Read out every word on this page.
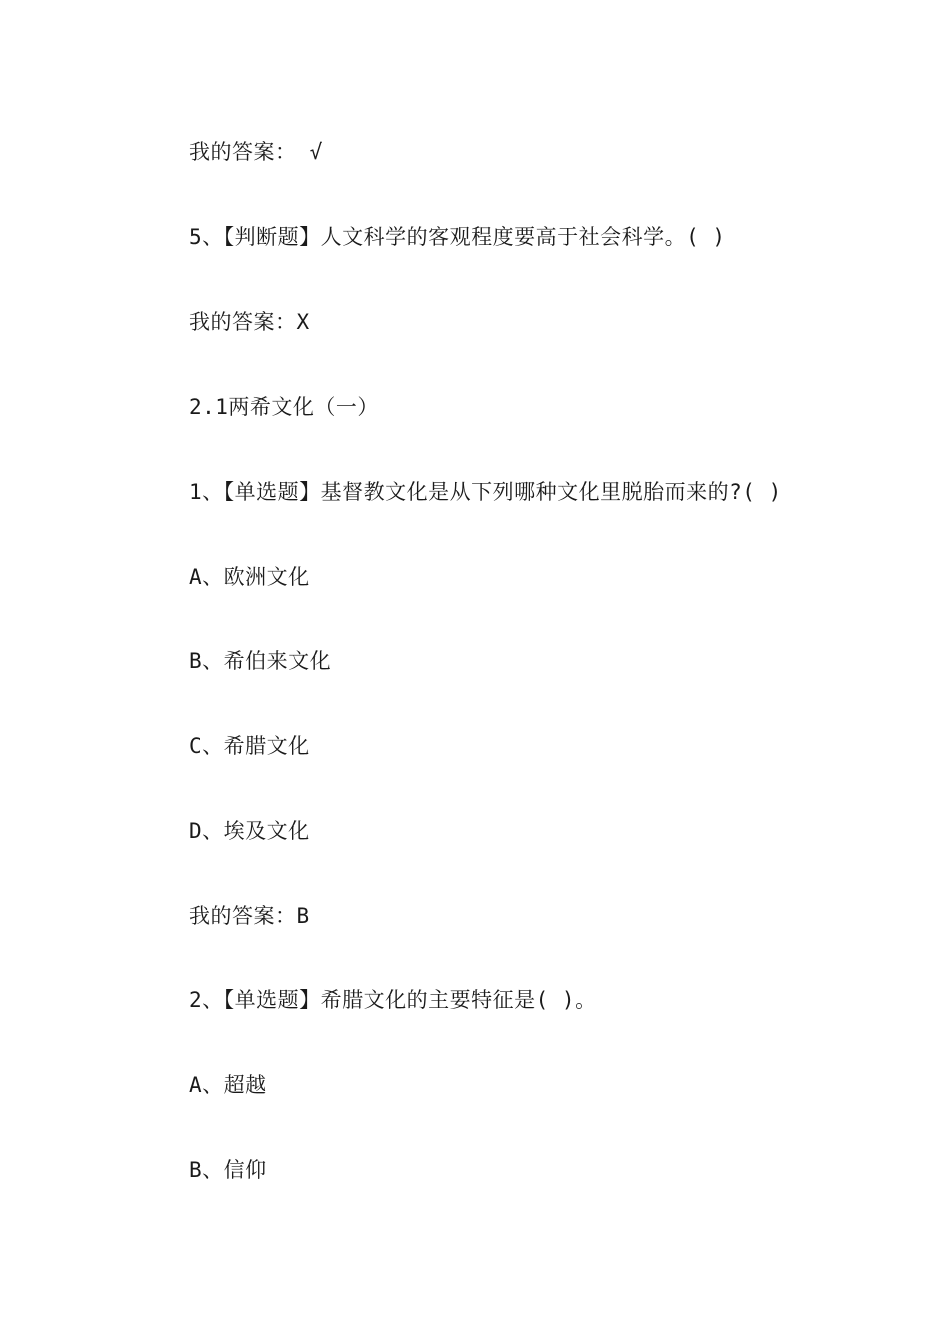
我的答案： √
5、【判断题】人文科学的客观程度要高于社会科学。( )
我的答案：X
2.1两希文化（一）
1、【单选题】基督教文化是从下列哪种文化里脱胎而来的?( )
A、欧洲文化
B、希伯来文化
C、希腊文化
D、埃及文化
我的答案：B
2、【单选题】希腊文化的主要特征是( )。
A、超越
B、信仰
